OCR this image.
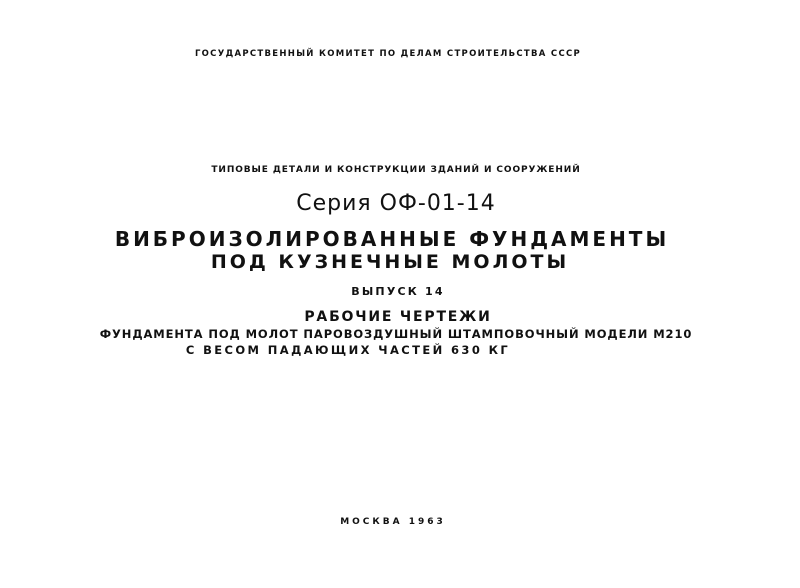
ГОСУДАРСТВЕННЫЙ КОМИТЕТ ПО ДЕЛАМ СТРОИТЕЛЬСТВА СССР
ТИПОВЫЕ ДЕТАЛИ И КОНСТРУКЦИИ ЗДАНИЙ И СООРУЖЕНИЙ
Серия ОФ-01-14
ВИБРОИЗОЛИРОВАННЫЕ ФУНДАМЕНТЫ
ПОД КУЗНЕЧНЫЕ МОЛОТЫ
ВЫПУСК 14
РАБОЧИЕ ЧЕРТЕЖИ
ФУНДАМЕНТА ПОД МОЛОТ ПАРОВОЗДУШНЫЙ ШТАМПОВОЧНЫЙ МОДЕЛИ М210
С ВЕСОМ ПАДАЮЩИХ ЧАСТЕЙ 630 КГ
МОСКВА 1963
